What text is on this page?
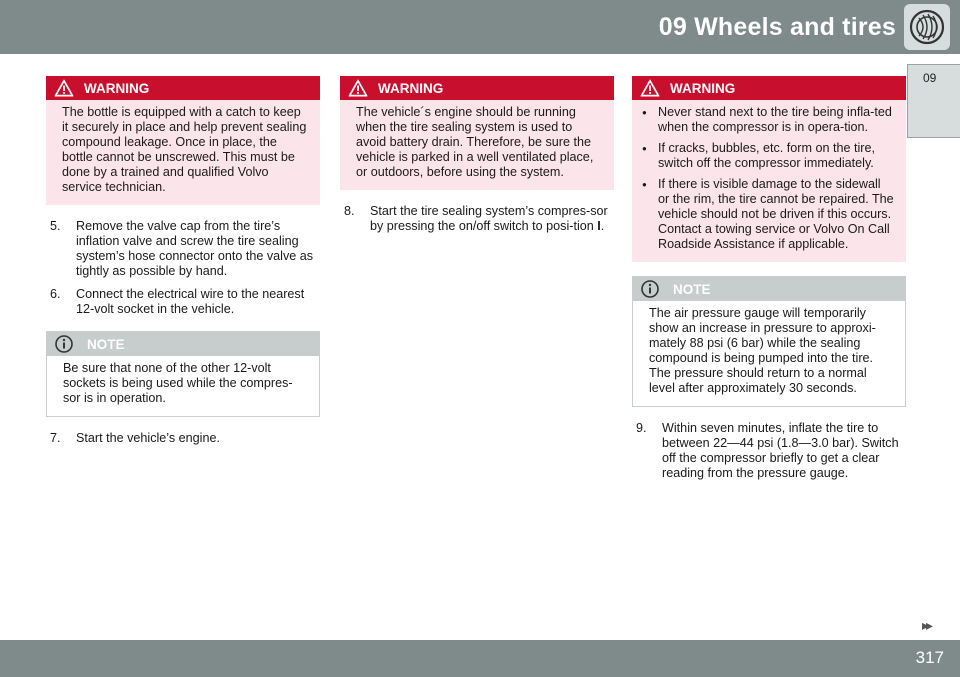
09 Wheels and tires
09
WARNING
The bottle is equipped with a catch to keep it securely in place and help prevent sealing compound leakage. Once in place, the bottle cannot be unscrewed. This must be done by a trained and qualified Volvo service technician.
5. Remove the valve cap from the tire’s inflation valve and screw the tire sealing system’s hose connector onto the valve as tightly as possible by hand.
6. Connect the electrical wire to the nearest 12-volt socket in the vehicle.
NOTE
Be sure that none of the other 12-volt sockets is being used while the compres-sor is in operation.
7. Start the vehicle’s engine.
WARNING
The vehicle´s engine should be running when the tire sealing system is used to avoid battery drain. Therefore, be sure the vehicle is parked in a well ventilated place, or outdoors, before using the system.
8. Start the tire sealing system’s compres-sor by pressing the on/off switch to posi-tion I.
WARNING
● Never stand next to the tire being infla-ted when the compressor is in opera-tion.
● If cracks, bubbles, etc. form on the tire, switch off the compressor immediately.
● If there is visible damage to the sidewall or the rim, the tire cannot be repaired. The vehicle should not be driven if this occurs. Contact a towing service or Volvo On Call Roadside Assistance if applicable.
NOTE
The air pressure gauge will temporarily show an increase in pressure to approxi-mately 88 psi (6 bar) while the sealing compound is being pumped into the tire. The pressure should return to a normal level after approximately 30 seconds.
9. Within seven minutes, inflate the tire to between 22—44 psi (1.8—3.0 bar). Switch off the compressor briefly to get a clear reading from the pressure gauge.
▸▸
317
